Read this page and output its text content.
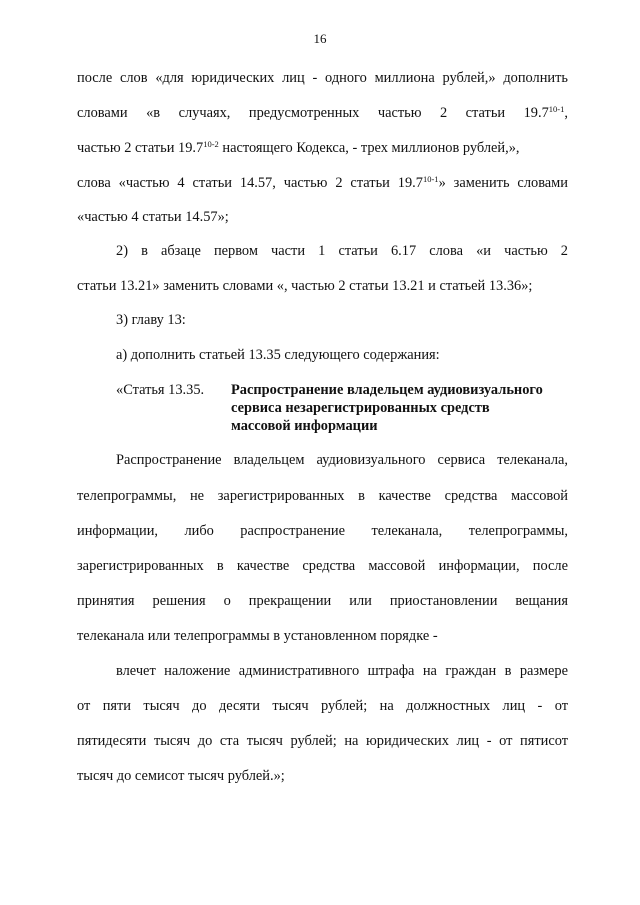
16

после слов «для юридических лиц - одного миллиона рублей,» дополнить

словами «в случаях, предусмотренных частью 2 статьи 19.7$^{10-1}$,

частью 2 статьи 19.7$^{10-2}$ настоящего Кодекса, - трех миллионов рублей,»,

слова «частью 4 статьи 14.57, частью 2 статьи 19.7$^{10-1}$» заменить словами

«частью 4 статьи 14.57»;

2) в абзаце первом части 1 статьи 6.17 слова «и частью 2

статьи 13.21» заменить словами «, частью 2 статьи 13.21 и статьей 13.36»;

3) главу 13:

а) дополнить статьей 13.35 следующего содержания:

«Статья 13.35. Распространение владельцем аудиовизуального
сервиса незарегистрированных средств
массовой информации

Распространение владельцем аудиовизуального сервиса телеканала,

телепрограммы, не зарегистрированных в качестве средства массовой

информации, либо распространение телеканала, телепрограммы,

зарегистрированных в качестве средства массовой информации, после

принятия решения о прекращении или приостановлении вещания

телеканала или телепрограммы в установленном порядке -

влечет наложение административного штрафа на граждан в размере

от пяти тысяч до десяти тысяч рублей; на должностных лиц - от

пятидесяти тысяч до ста тысяч рублей; на юридических лиц - от пятисот

тысяч до семисот тысяч рублей.»;
